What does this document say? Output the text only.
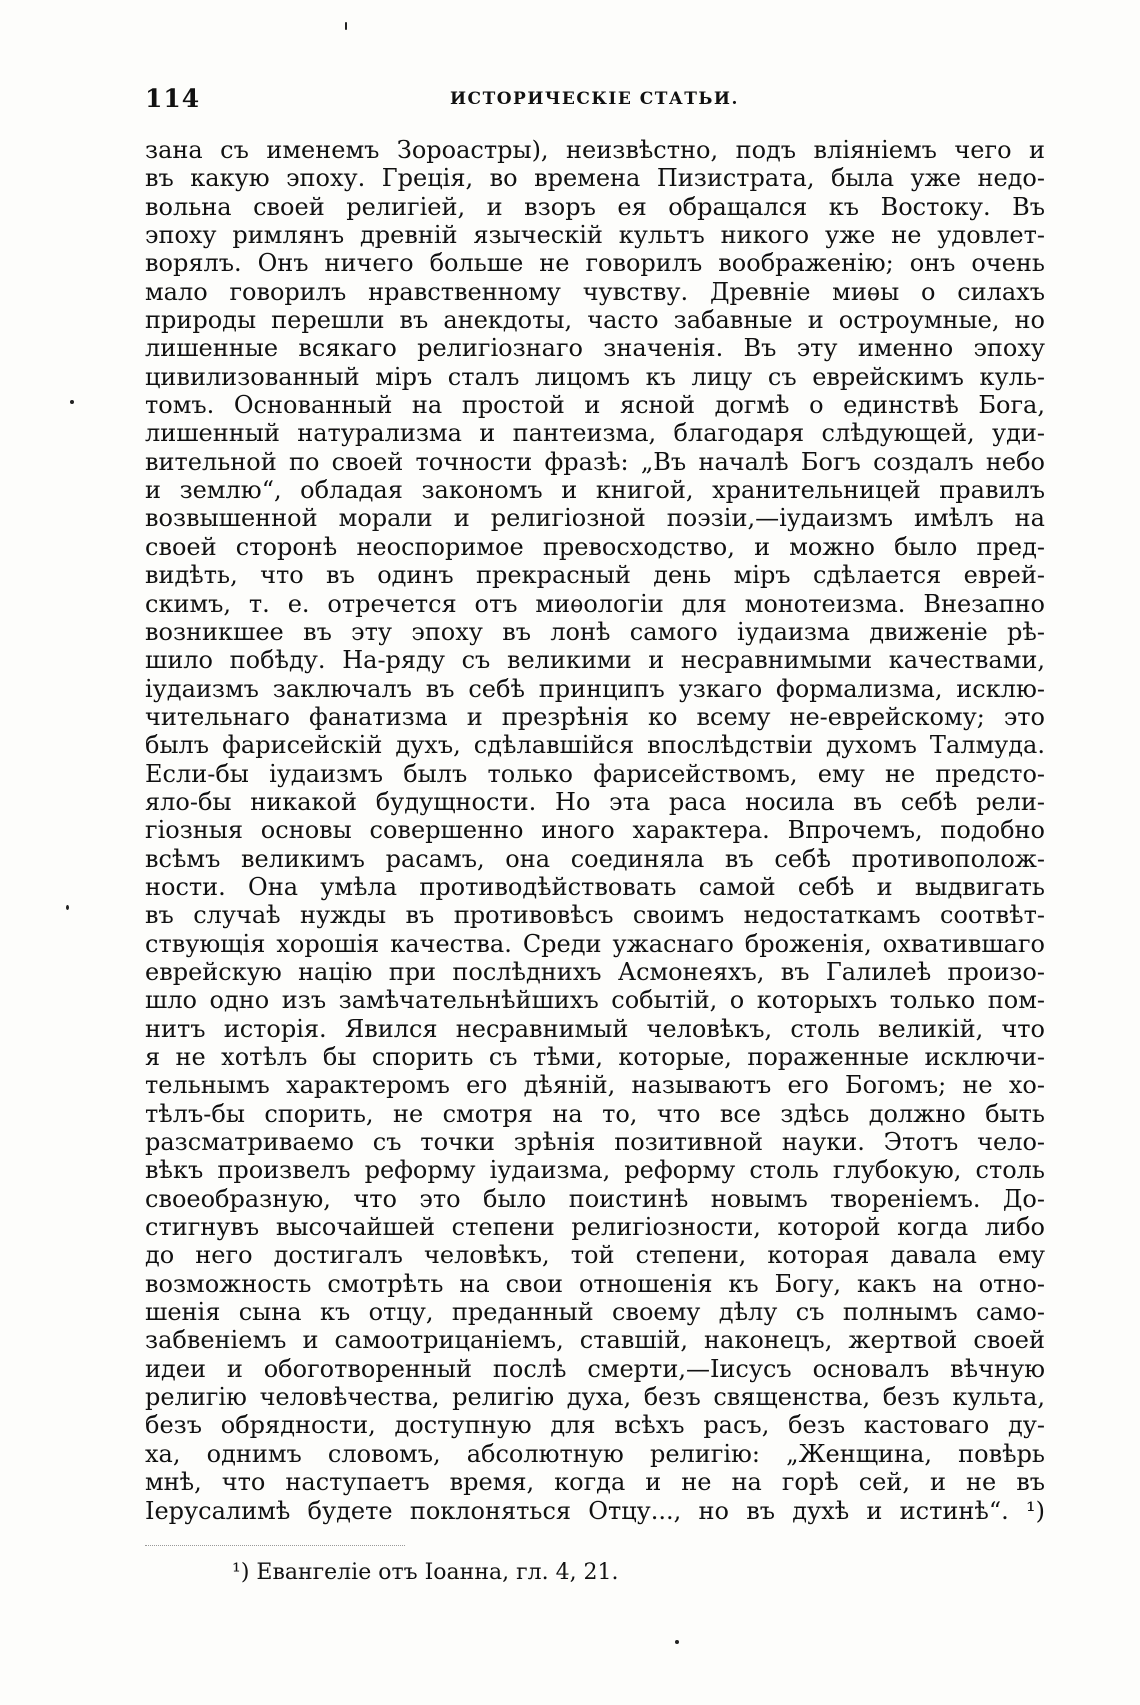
114	ИСТОРИЧЕСКІЕ СТАТЬИ.
зана съ именемъ Зороастры), неизвѣстно, подъ вліяніемъ чего и
въ какую эпоху. Грецiя, во времена Пизистрата, была уже недо-
вольна своей религіей, и взоръ ея обращался къ Востоку. Въ
эпоху римлянъ древній языческій культъ никого уже не удовлет-
ворялъ. Онъ ничего больше не говорилъ воображенію; онъ очень
мало говорилъ нравственному чувству. Древніе миѳы о силахъ
природы перешли въ анекдоты, часто забавные и остроумные, но
лишенные всякаго религіознаго значенія. Въ эту именно эпоху
цивилизованный міръ сталъ лицомъ къ лицу съ еврейскимъ куль-
томъ. Основанный на простой и ясной догмѣ о единствѣ Бога,
лишенный натурализма и пантеизма, благодаря слѣдующей, уди-
вительной по своей точности фразѣ: „Въ началѣ Богъ создалъ небо
и землю“, обладая закономъ и книгой, хранительницей правилъ
возвышенной морали и религіозной поэзіи,—іудаизмъ имѣлъ на
своей сторонѣ неоспоримое превосходство, и можно было пред-
видѣть, что въ одинъ прекрасный день міръ сдѣлается еврей-
скимъ, т. е. отречется отъ миѳологіи для монотеизма. Внезапно
возникшее въ эту эпоху въ лонѣ самого іудаизма движеніе рѣ-
шило побѣду. На-ряду съ великими и несравнимыми качествами,
іудаизмъ заключалъ въ себѣ принципъ узкаго формализма, исклю-
чительнаго фанатизма и презрѣнія ко всему не-еврейскому; это
былъ фарисейскій духъ, сдѣлавшійся впослѣдствіи духомъ Талмуда.
Если-бы іудаизмъ былъ только фарисействомъ, ему не предсто-
яло-бы никакой будущности. Но эта раса носила въ себѣ рели-
гіозныя основы совершенно иного характера. Впрочемъ, подобно
всѣмъ великимъ расамъ, она соединяла въ себѣ противополож-
ности. Она умѣла противодѣйствовать самой себѣ и выдвигать
въ случаѣ нужды въ противовѣсъ своимъ недостаткамъ соотвѣт-
ствующія хорошія качества. Среди ужаснаго броженія, охватившаго
еврейскую націю при послѣднихъ Асмонеяхъ, въ Галилеѣ произо-
шло одно изъ замѣчательнѣйшихъ событій, о которыхъ только пом-
нитъ исторія. Явился несравнимый человѣкъ, столь великій, что
я не хотѣлъ бы спорить съ тѣми, которые, пораженные исключи-
тельнымъ характеромъ его дѣяній, называютъ его Богомъ; не хо-
тѣлъ-бы спорить, не смотря на то, что все здѣсь должно быть
разсматриваемо съ точки зрѣнія позитивной науки. Этотъ чело-
вѣкъ произвелъ реформу іудаизма, реформу столь глубокую, столь
своеобразную, что это было поистинѣ новымъ твореніемъ. До-
стигнувъ высочайшей степени религіозности, которой когда либо
до него достигалъ человѣкъ, той степени, которая давала ему
возможность смотрѣть на свои отношенія къ Богу, какъ на отно-
шенія сына къ отцу, преданный своему дѣлу съ полнымъ само-
забвеніемъ и самоотрицаніемъ, ставшій, наконецъ, жертвой своей
идеи и обоготворенный послѣ смерти,—Іисусъ основалъ вѣчную
религію человѣчества, религію духа, безъ священства, безъ культа,
безъ обрядности, доступную для всѣхъ расъ, безъ кастоваго ду-
ха, однимъ словомъ, абсолютную религію: „Женщина, повѣрь
мнѣ, что наступаетъ время, когда и не на горѣ сей, и не въ
Іерусалимѣ будете поклоняться Отцу..., но въ духѣ и истинѣ“. ¹)
¹) Евангеліе отъ Іоанна, гл. 4, 21.
